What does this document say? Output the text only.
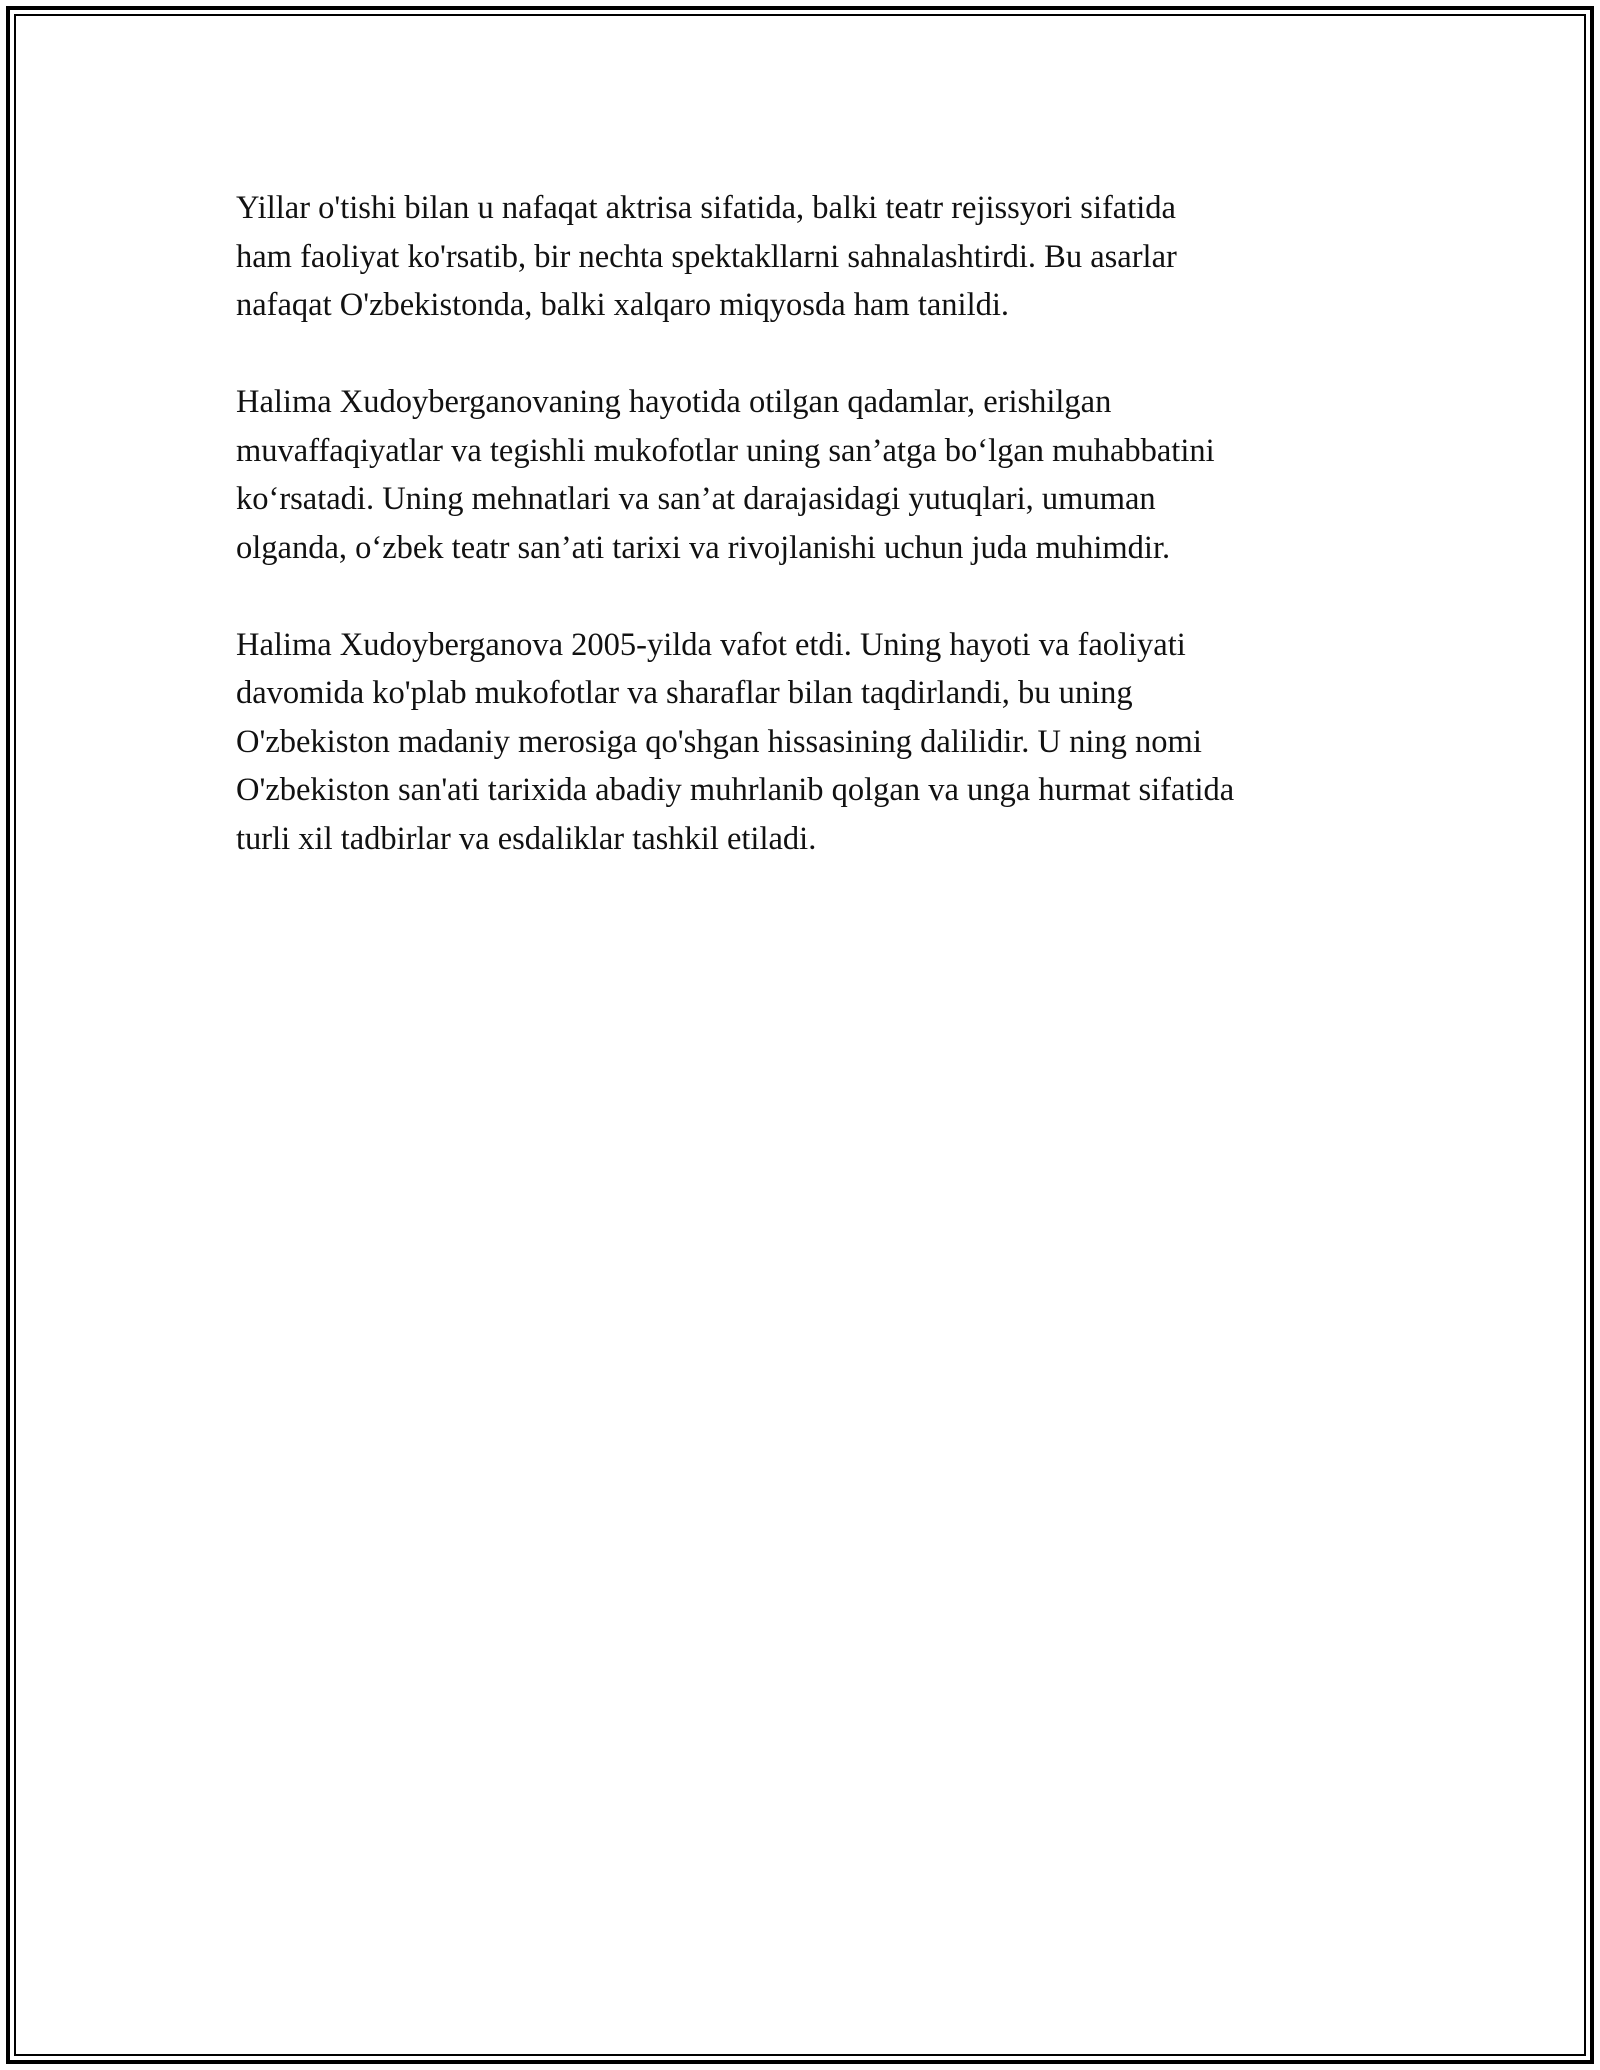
Yillar o'tishi bilan u nafaqat aktrisa sifatida, balki teatr rejissyori sifatida
ham faoliyat ko'rsatib, bir nechta spektakllarni sahnalashtirdi. Bu asarlar
nafaqat O'zbekistonda, balki xalqaro miqyosda ham tanildi.

Halima Xudoyberganovaning hayotida otilgan qadamlar, erishilgan
muvaffaqiyatlar va tegishli mukofotlar uning san’atga bo‘lgan muhabbatini
ko‘rsatadi. Uning mehnatlari va san’at darajasidagi yutuqlari, umuman
olganda, o‘zbek teatr san’ati tarixi va rivojlanishi uchun juda muhimdir.

Halima Xudoyberganova 2005-yilda vafot etdi. Uning hayoti va faoliyati
davomida ko'plab mukofotlar va sharaflar bilan taqdirlandi, bu uning
O'zbekiston madaniy merosiga qo'shgan hissasining dalilidir. U ning nomi
O'zbekiston san'ati tarixida abadiy muhrlanib qolgan va unga hurmat sifatida
turli xil tadbirlar va esdaliklar tashkil etiladi.
